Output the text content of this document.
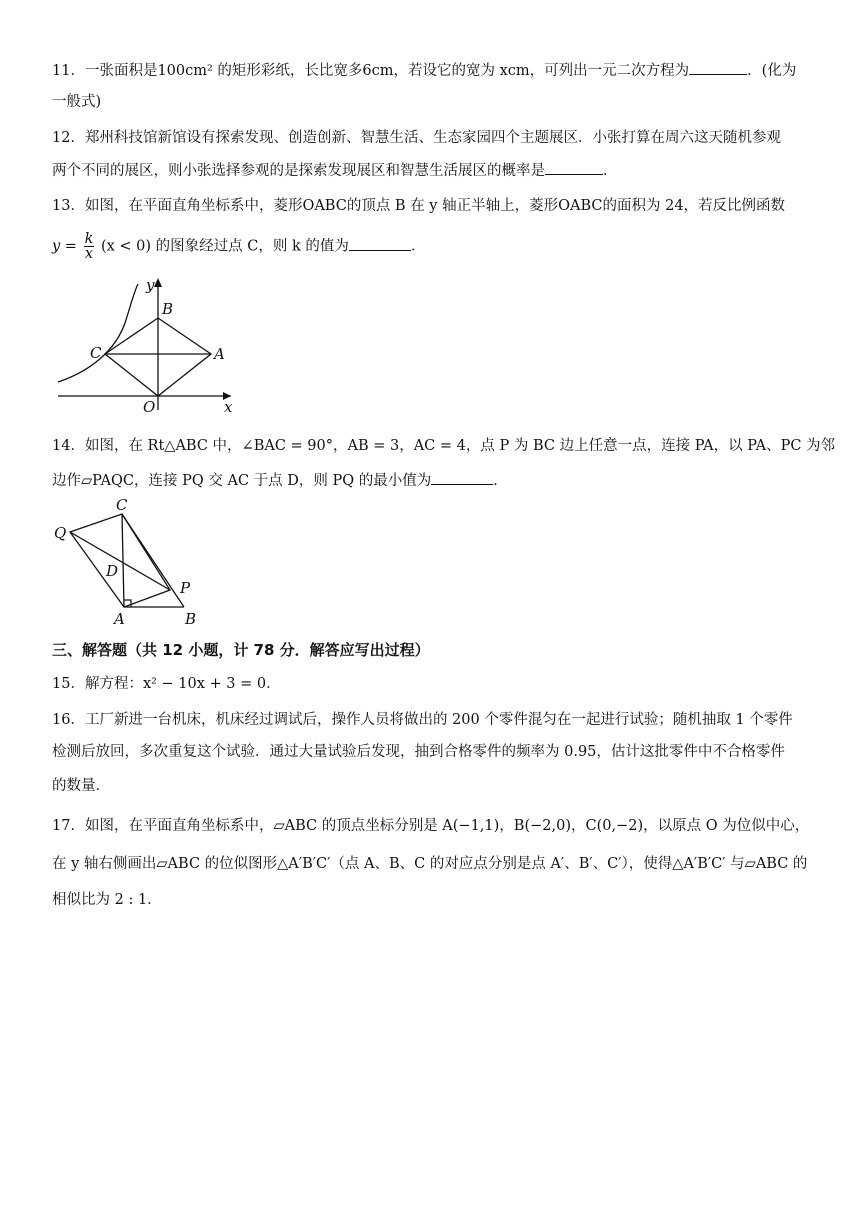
11．一张面积是100cm² 的矩形彩纸，长比宽多6cm，若设它的宽为 xcm，可列出一元二次方程为	．(化为
一般式)
12．郑州科技馆新馆设有探索发现、创造创新、智慧生活、生态家园四个主题展区．小张打算在周六这天随机参观
两个不同的展区，则小张选择参观的是探索发现展区和智慧生活展区的概率是	．
13．如图，在平面直角坐标系中，菱形OABC的顶点 B 在 y 轴正半轴上，菱形OABC的面积为 24，若反比例函数
$y = \frac{k}{x} (x < 0)$ 的图象经过点 C，则 k 的值为	．
y
B
C	A
O	x
14．如图，在 Rt△ABC 中，∠BAC = 90°，AB = 3，AC = 4，点 P 为 BC 边上任意一点，连接 PA，以 PA、PC 为邻
边作▱PAQC，连接 PQ 交 AC 于点 D，则 PQ 的最小值为	．
Q
C
D
P
A	B
三、解答题（共 12 小题，计 78 分．解答应写出过程）
15．解方程：x² − 10x + 3 = 0．
16．工厂新进一台机床，机床经过调试后，操作人员将做出的 200 个零件混匀在一起进行试验；随机抽取 1 个零件
检测后放回，多次重复这个试验．通过大量试验后发现，抽到合格零件的频率为 0.95，估计这批零件中不合格零件
的数量．
17．如图，在平面直角坐标系中，▱ABC 的顶点坐标分别是 A(−1,1)，B(−2,0)，C(0,−2)，以原点 O 为位似中心，
在 y 轴右侧画出▱ABC 的位似图形△A′B′C′（点 A、B、C 的对应点分别是点 A′、B′、C′），使得△A′B′C′ 与▱ABC 的
相似比为 2 : 1．
